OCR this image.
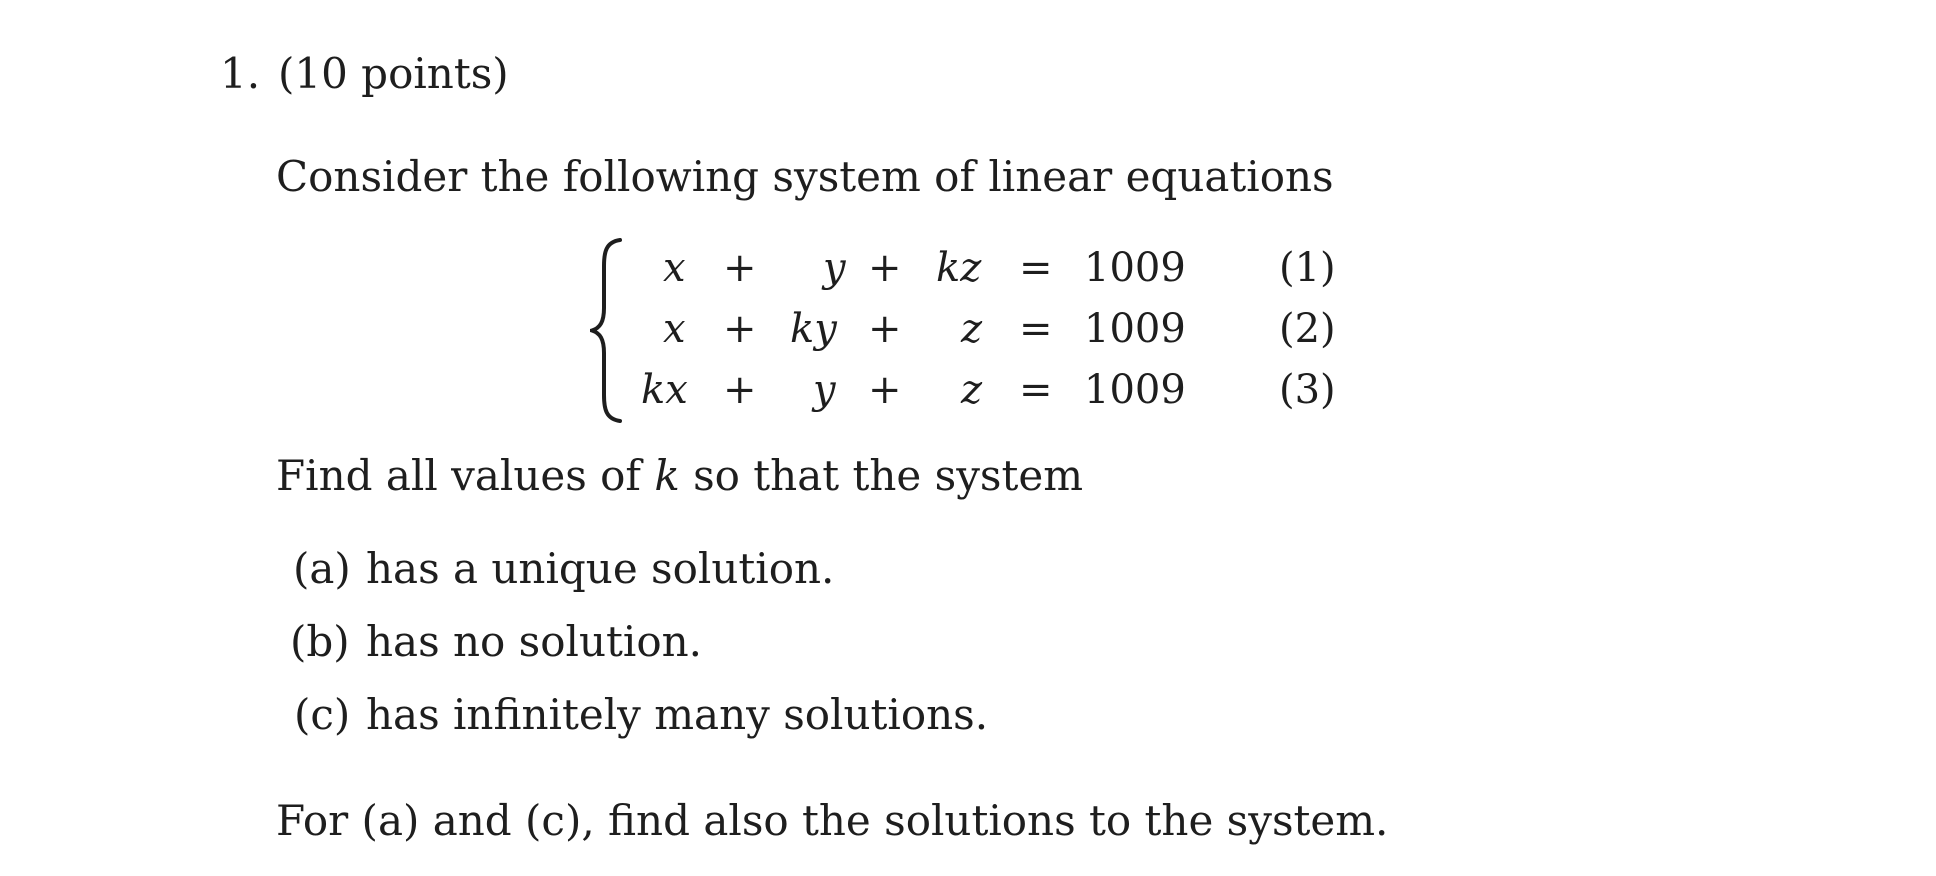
1. (10 points)
Consider the following system of linear equations
x + y + kz = 1009 (1)
x + ky + z = 1009 (2)
kx + y + z = 1009 (3)
Find all values of k so that the system
(a) has a unique solution.
(b) has no solution.
(c) has infinitely many solutions.
For (a) and (c), find also the solutions to the system.
